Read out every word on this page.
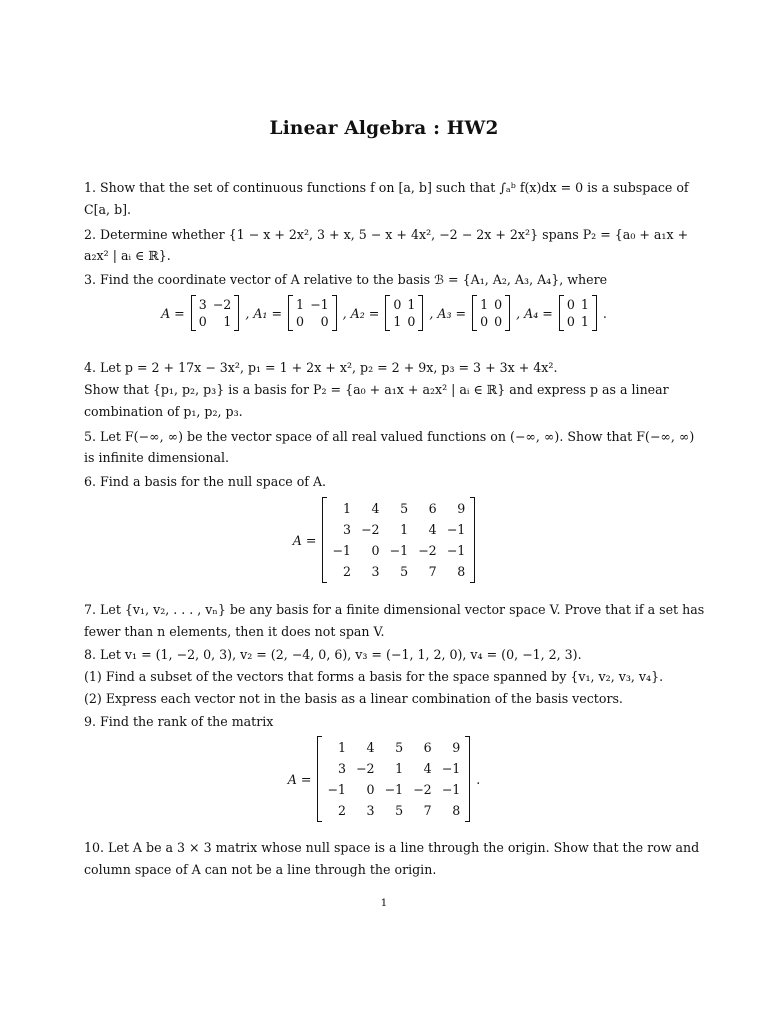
Linear Algebra : HW2
1. Show that the set of continuous functions f on [a, b] such that ∫ₐᵇ f(x)dx = 0 is a subspace of
C[a, b].
2. Determine whether {1 − x + 2x², 3 + x, 5 − x + 4x², −2 − 2x + 2x²} spans P₂ = {a₀ + a₁x +
a₂x² | aᵢ ∈ ℝ}.
3. Find the coordinate vector of A relative to the basis ℬ = {A₁, A₂, A₃, A₄}, where
A =
3	−2
0	1
, A₁ =
1	−1
0	0
, A₂ =
0	1
1	0
, A₃ =
1	0
0	0
, A₄ =
0	1
0	1
.
4. Let p = 2 + 17x − 3x², p₁ = 1 + 2x + x², p₂ = 2 + 9x, p₃ = 3 + 3x + 4x².
Show that {p₁, p₂, p₃} is a basis for P₂ = {a₀ + a₁x + a₂x² | aᵢ ∈ ℝ} and express p as a linear
combination of p₁, p₂, p₃.
5. Let F(−∞, ∞) be the vector space of all real valued functions on (−∞, ∞). Show that F(−∞, ∞)
is infinite dimensional.
6. Find a basis for the null space of A.
A =
1	4	5	6	9
3	−2	1	4	−1
−1	0	−1	−2	−1
2	3	5	7	8
7. Let {v₁, v₂, . . . , vₙ} be any basis for a finite dimensional vector space V. Prove that if a set has
fewer than n elements, then it does not span V.
8. Let v₁ = (1, −2, 0, 3), v₂ = (2, −4, 0, 6), v₃ = (−1, 1, 2, 0), v₄ = (0, −1, 2, 3).
(1) Find a subset of the vectors that forms a basis for the space spanned by {v₁, v₂, v₃, v₄}.
(2) Express each vector not in the basis as a linear combination of the basis vectors.
9. Find the rank of the matrix
A =
1	4	5	6	9
3	−2	1	4	−1
−1	0	−1	−2	−1
2	3	5	7	8
.
10. Let A be a 3 × 3 matrix whose null space is a line through the origin. Show that the row and
column space of A can not be a line through the origin.
1
